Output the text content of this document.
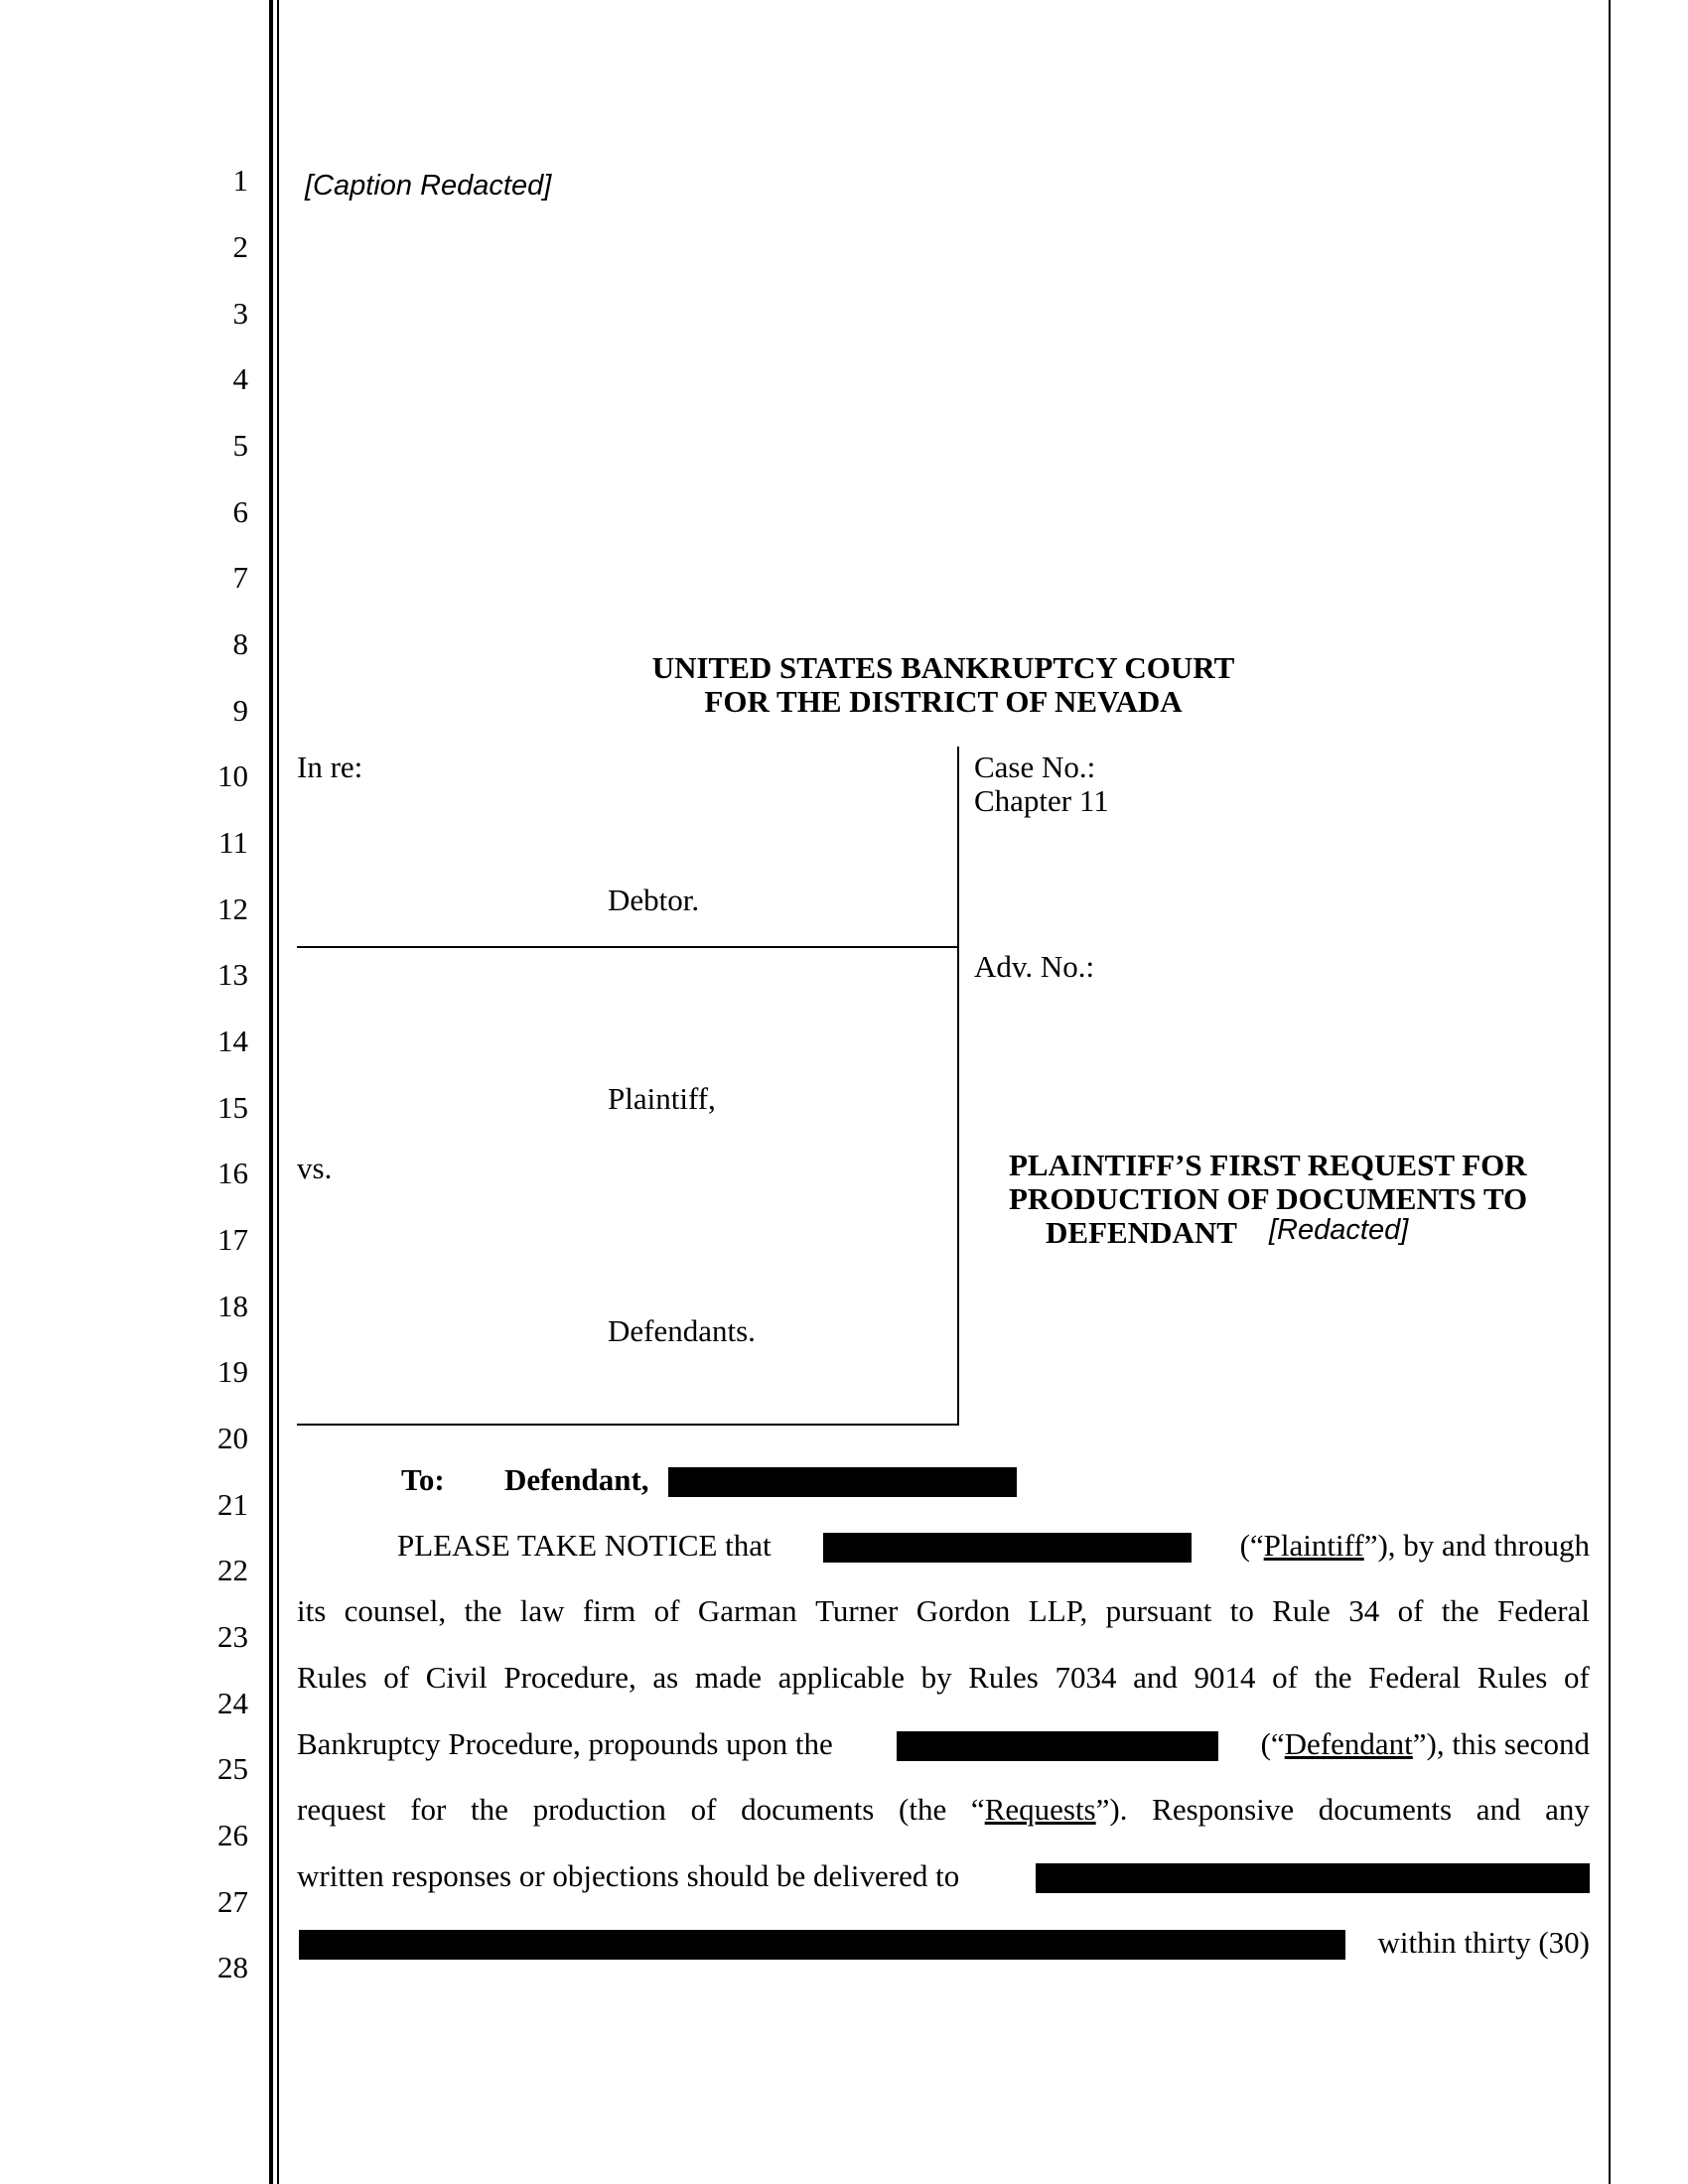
1
2
3
4
5
6
7
8
9
10
11
12
13
14
15
16
17
18
19
20
21
22
23
24
25
26
27
28
[Caption Redacted]
UNITED STATES BANKRUPTCY COURT
FOR THE DISTRICT OF NEVADA
In re:
Debtor.
Plaintiff,
vs.
Defendants.
Case No.:
Chapter 11
Adv. No.:
PLAINTIFF’S FIRST REQUEST FOR
PRODUCTION OF DOCUMENTS TO
DEFENDANT [Redacted]
To: Defendant,
PLEASE TAKE NOTICE that	(“Plaintiff”), by and through
its counsel, the law firm of Garman Turner Gordon LLP, pursuant to Rule 34 of the Federal
Rules of Civil Procedure, as made applicable by Rules 7034 and 9014 of the Federal Rules of
Bankruptcy Procedure, propounds upon the	(“Defendant”), this second
request for the production of documents (the “Requests”). Responsive documents and any
written responses or objections should be delivered to
within thirty (30)
